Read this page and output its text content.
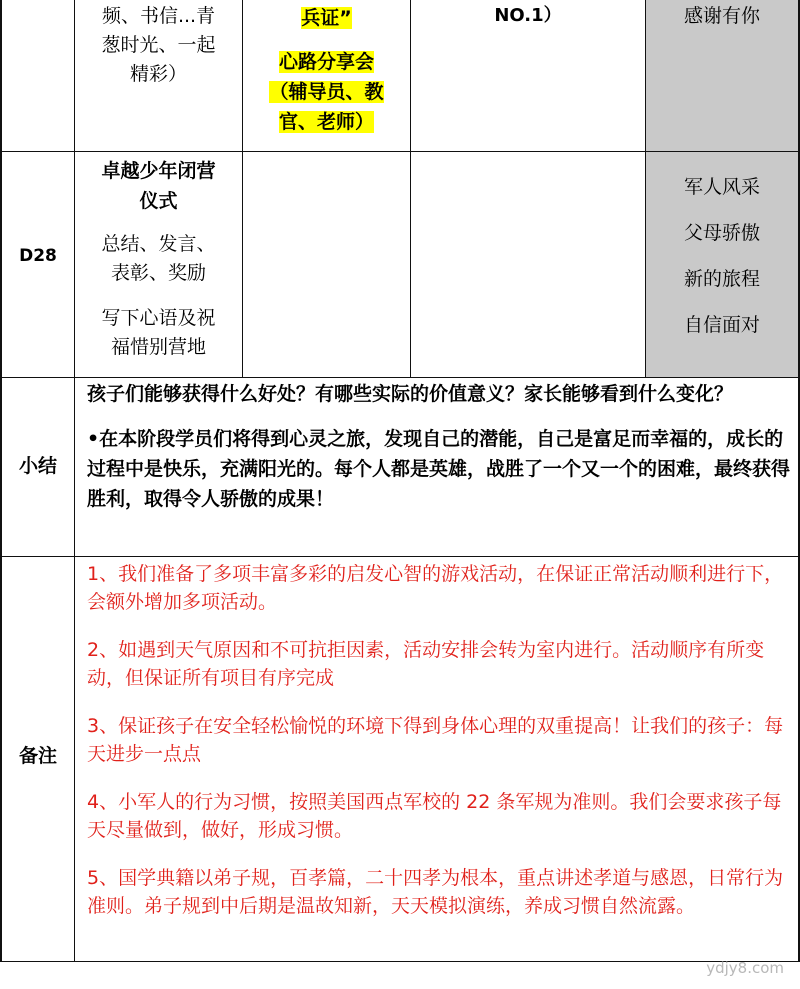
频、书信...青
葱时光、一起
精彩）
兵证”
心路分享会
（辅导员、教
官、老师）
NO.1）	感谢有你
D28
卓越少年闭营
仪式
总结、发言、
表彰、奖励
写下心语及祝
福惜别营地
军人风采
父母骄傲
新的旅程
自信面对
小结

孩子们能够获得什么好处？有哪些实际的价值意义？家长能够看到什么变化？

•在本阶段学员们将得到心灵之旅，发现自己的潜能，自己是富足而幸福的，成长的过程中是快乐，充满阳光的。每个人都是英雄，战胜了一个又一个的困难，最终获得胜利，取得令人骄傲的成果！

备注

1、我们准备了多项丰富多彩的启发心智的游戏活动，在保证正常活动顺利进行下，会额外增加多项活动。

2、如遇到天气原因和不可抗拒因素，活动安排会转为室内进行。活动顺序有所变动，但保证所有项目有序完成

3、保证孩子在安全轻松愉悦的环境下得到身体心理的双重提高！让我们的孩子：每天进步一点点

4、小军人的行为习惯，按照美国西点军校的 22 条军规为准则。我们会要求孩子每天尽量做到，做好，形成习惯。

5、国学典籍以弟子规，百孝篇，二十四孝为根本，重点讲述孝道与感恩，日常行为准则。弟子规到中后期是温故知新，天天模拟演练，养成习惯自然流露。

ydjy8.com
